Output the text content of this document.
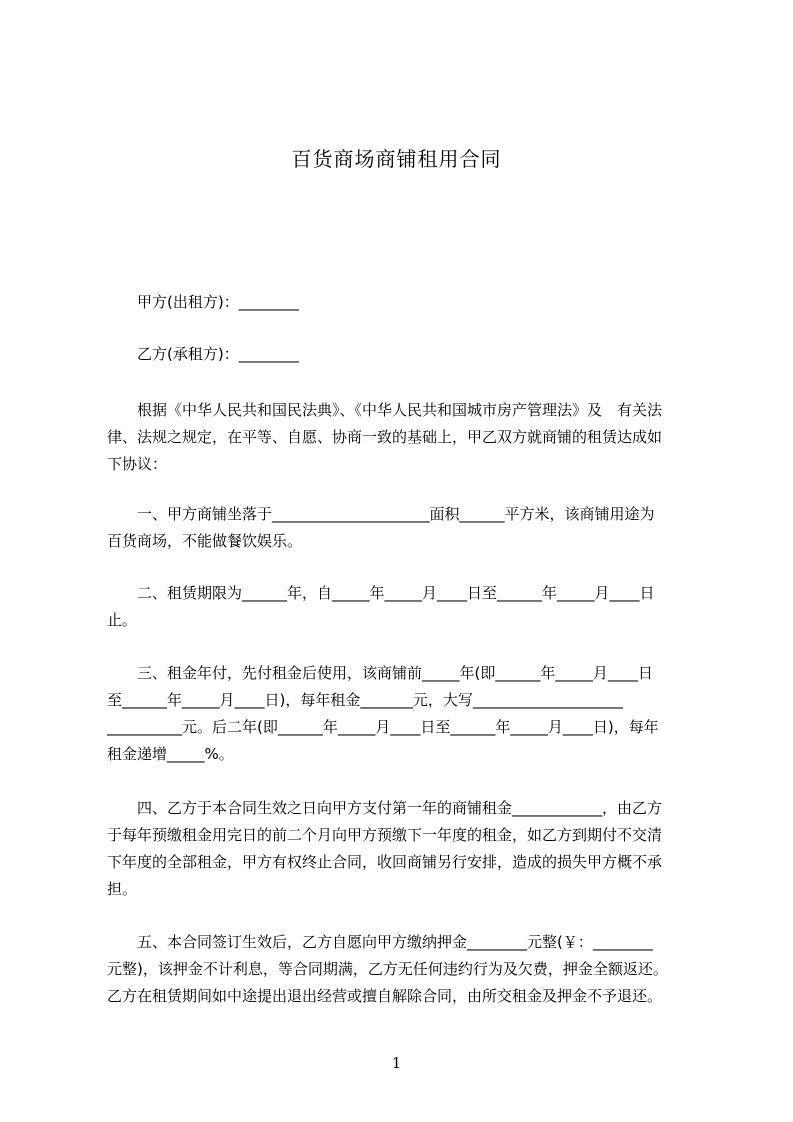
百货商场商铺租用合同
甲方(出租方)：________
乙方(承租方)：________
根据《中华人民共和国民法典》、《中华人民共和国城市房产管理法》及　有关法
律、法规之规定，在平等、自愿、协商一致的基础上，甲乙双方就商铺的租赁达成如
下协议：
一、甲方商铺坐落于_____________________面积______平方米，该商铺用途为
百货商场，不能做餐饮娱乐。
二、租赁期限为______年，自_____年_____月____日至______年_____月____日
止。
三、租金年付，先付租金后使用，该商铺前_____年(即______年_____月____日
至______年_____月____日)，每年租金_______元，大写____________________
__________元。后二年(即______年_____月____日至______年_____月____日)，每年
租金递增_____%。
四、乙方于本合同生效之日向甲方支付第一年的商铺租金____________，由乙方
于每年预缴租金用完日的前二个月向甲方预缴下一年度的租金，如乙方到期付不交清
下年度的全部租金，甲方有权终止合同，收回商铺另行安排，造成的损失甲方概不承
担。
五、本合同签订生效后，乙方自愿向甲方缴纳押金________元整(￥：________
元整)，该押金不计利息，等合同期满，乙方无任何违约行为及欠费，押金全额返还。
乙方在租赁期间如中途提出退出经营或擅自解除合同，由所交租金及押金不予退还。
1
